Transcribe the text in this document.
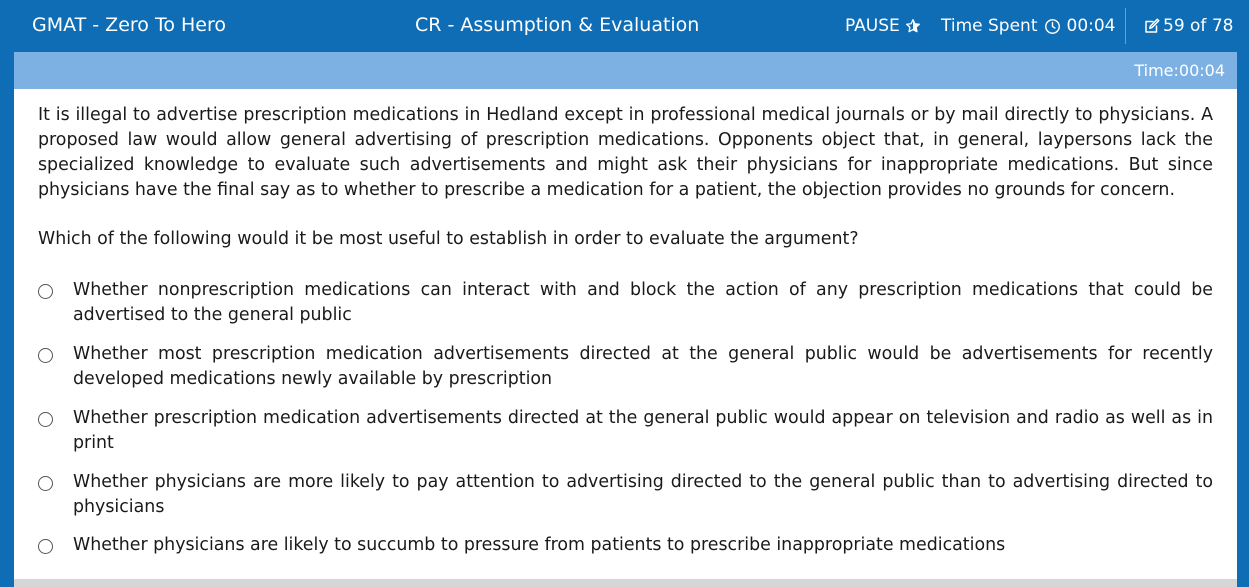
GMAT - Zero To Hero	CR - Assumption & Evaluation	PAUSE Time Spent 00:04	59 of 78
Time:00:04

It is illegal to advertise prescription medications in Hedland except in professional medical journals or by mail directly to physicians. A proposed law would allow general advertising of prescription medications. Opponents object that, in general, laypersons lack the specialized knowledge to evaluate such advertisements and might ask their physicians for inappropriate medications. But since physicians have the final say as to whether to prescribe a medication for a patient, the objection provides no grounds for concern.

Which of the following would it be most useful to establish in order to evaluate the argument?

Whether nonprescription medications can interact with and block the action of any prescription medications that could be advertised to the general public
Whether most prescription medication advertisements directed at the general public would be advertisements for recently developed medications newly available by prescription
Whether prescription medication advertisements directed at the general public would appear on television and radio as well as in print
Whether physicians are more likely to pay attention to advertising directed to the general public than to advertising directed to physicians
Whether physicians are likely to succumb to pressure from patients to prescribe inappropriate medications
